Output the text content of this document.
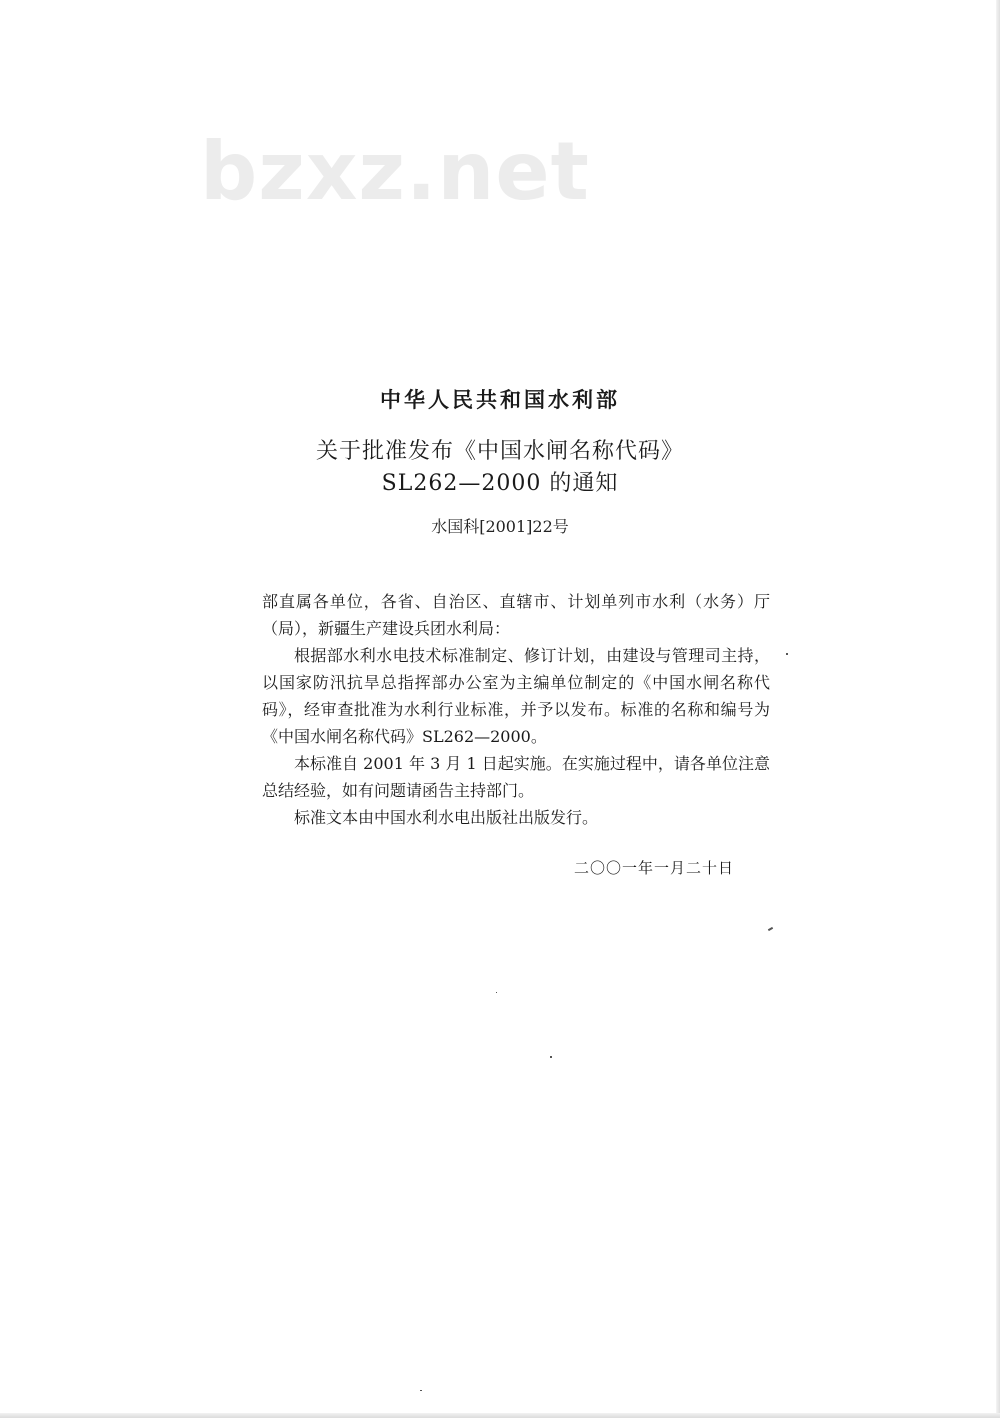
bzxz.net
中华人民共和国水利部
关于批准发布《中国水闸名称代码》
SL262—2000 的通知
水国科[2001]22号

部直属各单位，各省、自治区、直辖市、计划单列市水利（水务）厅（局），新疆生产建设兵团水利局：

根据部水利水电技术标准制定、修订计划，由建设与管理司主持，以国家防汛抗旱总指挥部办公室为主编单位制定的《中国水闸名称代码》，经审查批准为水利行业标准，并予以发布。标准的名称和编号为《中国水闸名称代码》SL262—2000。

本标准自 2001 年 3 月 1 日起实施。在实施过程中，请各单位注意总结经验，如有问题请函告主持部门。

标准文本由中国水利水电出版社出版发行。

二〇〇一年一月二十日
